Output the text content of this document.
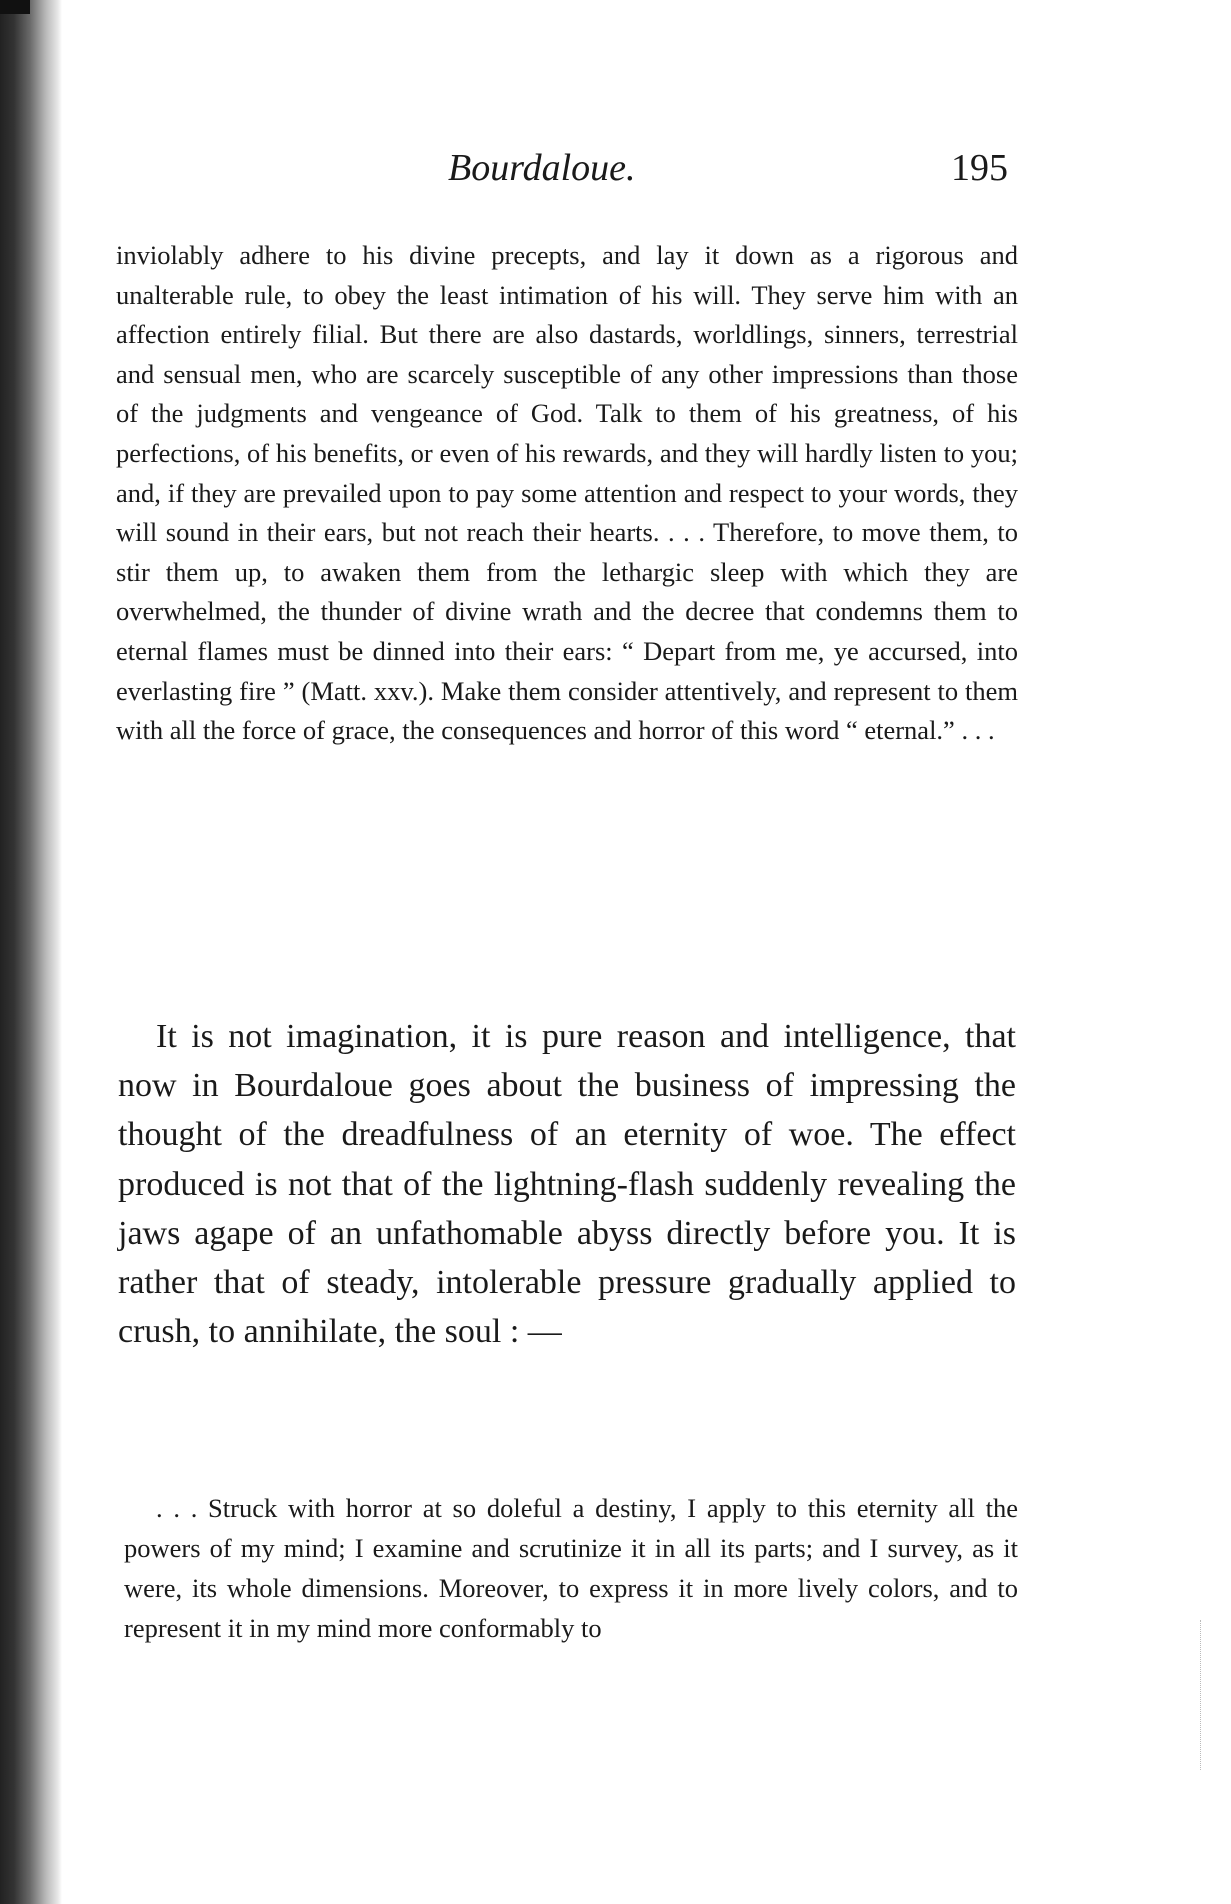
Bourdaloue.	195

inviolably adhere to his divine precepts, and lay it down as a rigorous and unalterable rule, to obey the least intimation of his will. They serve him with an affection entirely filial. But there are also dastards, worldlings, sinners, terrestrial and sensual men, who are scarcely susceptible of any other impressions than those of the judgments and vengeance of God. Talk to them of his greatness, of his perfections, of his benefits, or even of his rewards, and they will hardly listen to you; and, if they are prevailed upon to pay some attention and respect to your words, they will sound in their ears, but not reach their hearts. . . . Therefore, to move them, to stir them up, to awaken them from the lethargic sleep with which they are overwhelmed, the thunder of divine wrath and the decree that condemns them to eternal flames must be dinned into their ears: “ Depart from me, ye accursed, into everlasting fire ” (Matt. xxv.). Make them consider attentively, and represent to them with all the force of grace, the consequences and horror of this word “ eternal.” . . .

It is not imagination, it is pure reason and intelligence, that now in Bourdaloue goes about the business of impressing the thought of the dreadfulness of an eternity of woe. The effect produced is not that of the lightning-flash suddenly revealing the jaws agape of an unfathomable abyss directly before you. It is rather that of steady, intolerable pressure gradually applied to crush, to annihilate, the soul : —

. . . Struck with horror at so doleful a destiny, I apply to this eternity all the powers of my mind; I examine and scrutinize it in all its parts; and I survey, as it were, its whole dimensions. Moreover, to express it in more lively colors, and to represent it in my mind more conformably to
